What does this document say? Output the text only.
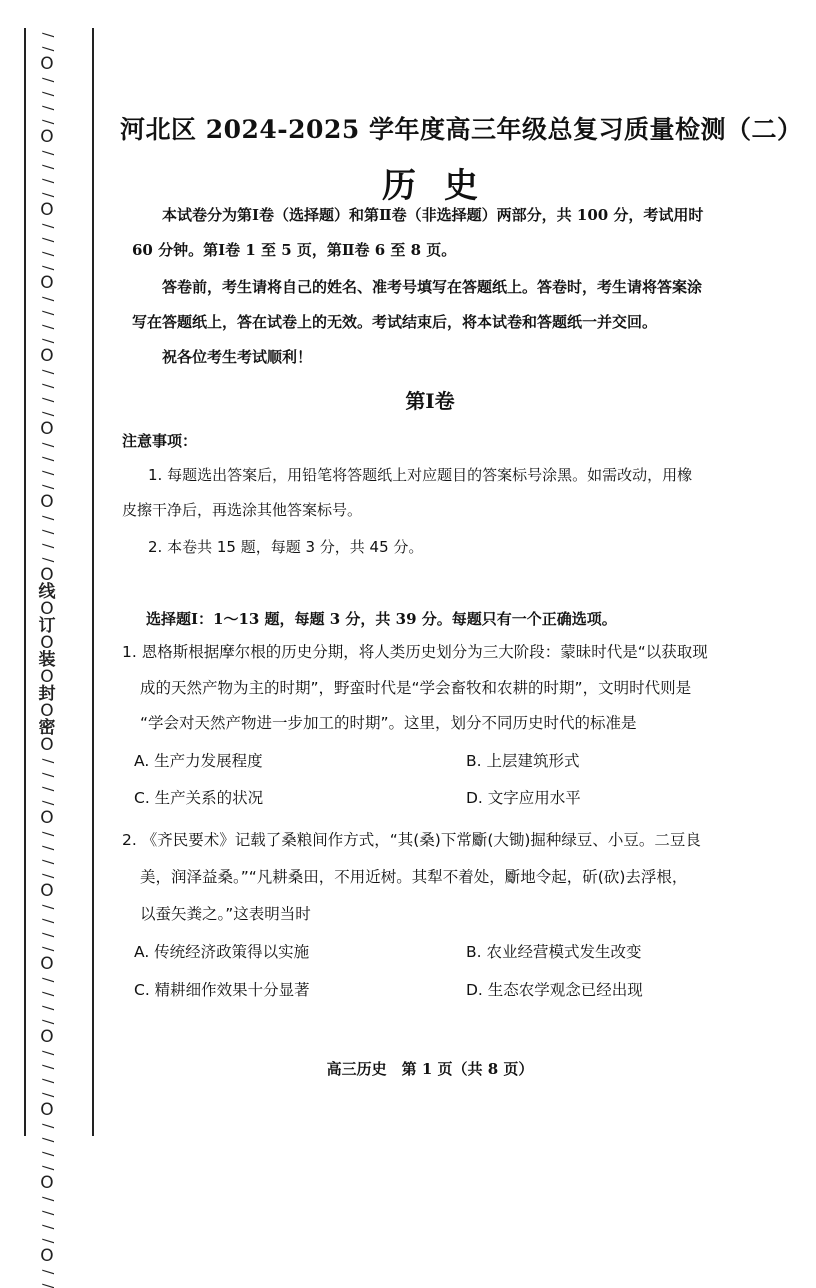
/
/
O
/
/
/
/
O
/
/
/
/
O
/
/
/
/
O
/
/
/
/
O
/
/
/
/
O
/
/
/
/
O
/
/
/
/
O
线
O
订
O
装
O
封
O
密
O
/
/
/
/
O
/
/
/
/
O
/
/
/
/
O
/
/
/
/
O
/
/
/
/
O
/
/
/
/
O
/
/
/
/
O
/
/
河北区 2024-2025 学年度高三年级总复习质量检测（二）
历史
本试卷分为第Ⅰ卷（选择题）和第Ⅱ卷（非选择题）两部分，共 100 分，考试用时
60 分钟。第Ⅰ卷 1 至 5 页，第Ⅱ卷 6 至 8 页。
答卷前，考生请将自己的姓名、准考号填写在答题纸上。答卷时，考生请将答案涂
写在答题纸上，答在试卷上的无效。考试结束后，将本试卷和答题纸一并交回。
祝各位考生考试顺利！
第Ⅰ卷
注意事项：
1. 每题选出答案后，用铅笔将答题纸上对应题目的答案标号涂黑。如需改动，用橡
皮擦干净后，再选涂其他答案标号。
2. 本卷共 15 题，每题 3 分，共 45 分。
选择题Ⅰ：1～13 题，每题 3 分，共 39 分。每题只有一个正确选项。
1. 恩格斯根据摩尔根的历史分期，将人类历史划分为三大阶段：蒙昧时代是“以获取现
成的天然产物为主的时期”，野蛮时代是“学会畜牧和农耕的时期”，文明时代则是
“学会对天然产物进一步加工的时期”。这里，划分不同历史时代的标准是
A. 生产力发展程度	B. 上层建筑形式
C. 生产关系的状况	D. 文字应用水平
2. 《齐民要术》记载了桑粮间作方式，“其(桑)下常斸(大锄)掘种绿豆、小豆。二豆良
美，润泽益桑。”“凡耕桑田，不用近树。其犁不着处，斸地令起，斫(砍)去浮根，
以蚕矢粪之。”这表明当时
A. 传统经济政策得以实施	B. 农业经营模式发生改变
C. 精耕细作效果十分显著	D. 生态农学观念已经出现
高三历史　第 1 页（共 8 页）
